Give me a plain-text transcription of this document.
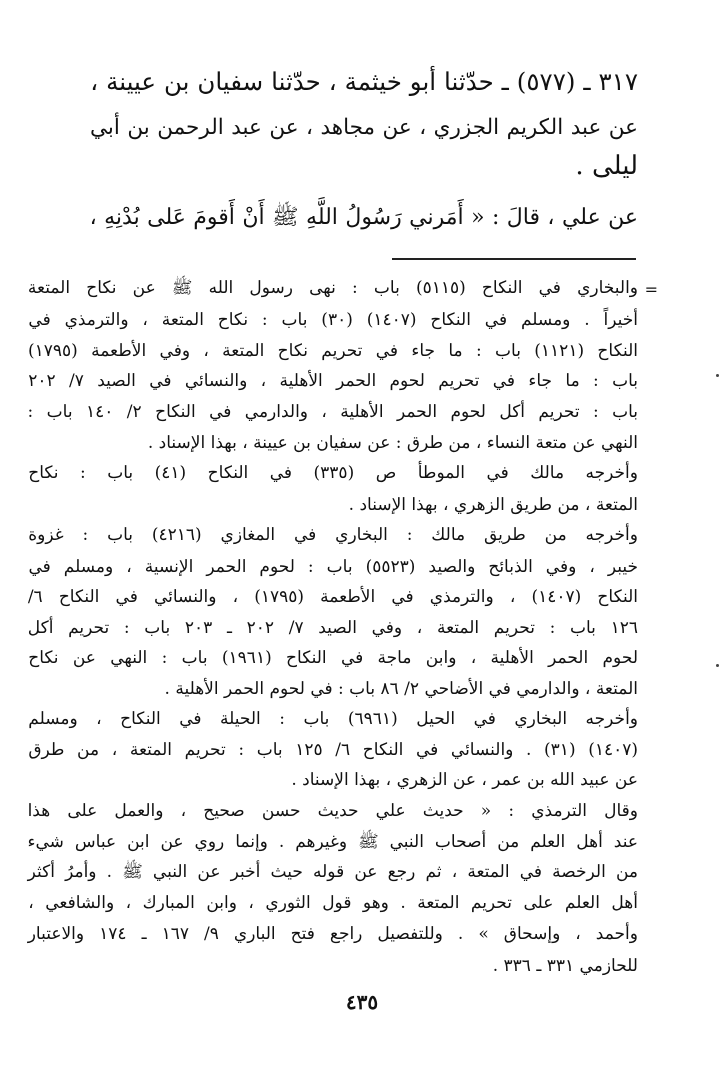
٣١٧ ـ (٥٧٧) ـ حدّثنا أبو خيثمة ، حدّثنا سفيان بن عيينة ،
عن عبد الكريم الجزري ، عن مجاهد ، عن عبد الرحمن بن أبي
ليلى .
عن علي ، قالَ : « أَمَرني رَسُولُ اللَّهِ ﷺ أَنْ أَقومَ عَلى بُدْنِهِ ،
=
والبخاري في النكاح (٥١١٥) باب : نهى رسول الله ﷺ عن نكاح المتعة
أخيراً . ومسلم في النكاح (١٤٠٧) (٣٠) باب : نكاح المتعة ، والترمذي في
النكاح (١١٢١) باب : ما جاء في تحريم نكاح المتعة ، وفي الأطعمة (١٧٩٥)
باب : ما جاء في تحريم لحوم الحمر الأهلية ، والنسائي في الصيد ٧/ ٢٠٢
باب : تحريم أكل لحوم الحمر الأهلية ، والدارمي في النكاح ٢/ ١٤٠ باب :
النهي عن متعة النساء ، من طرق : عن سفيان بن عيينة ، بهذا الإسناد .
وأخرجه مالك في الموطأ ص (٣٣٥) في النكاح (٤١) باب : نكاح
المتعة ، من طريق الزهري ، بهذا الإسناد .
وأخرجه من طريق مالك : البخاري في المغازي (٤٢١٦) باب : غزوة
خيبر ، وفي الذبائح والصيد (٥٥٢٣) باب : لحوم الحمر الإنسية ، ومسلم في
النكاح (١٤٠٧) ، والترمذي في الأطعمة (١٧٩٥) ، والنسائي في النكاح ٦/
١٢٦ باب : تحريم المتعة ، وفي الصيد ٧/ ٢٠٢ ـ ٢٠٣ باب : تحريم أكل
لحوم الحمر الأهلية ، وابن ماجة في النكاح (١٩٦١) باب : النهي عن نكاح
المتعة ، والدارمي في الأضاحي ٢/ ٨٦ باب : في لحوم الحمر الأهلية .
وأخرجه البخاري في الحيل (٦٩٦١) باب : الحيلة في النكاح ، ومسلم
(١٤٠٧) (٣١) . والنسائي في النكاح ٦/ ١٢٥ باب : تحريم المتعة ، من طرق
عن عبيد الله بن عمر ، عن الزهري ، بهذا الإسناد .
وقال الترمذي : « حديث علي حديث حسن صحيح ، والعمل على هذا
عند أهل العلم من أصحاب النبي ﷺ وغيرهم . وإنما روي عن ابن عباس شيء
من الرخصة في المتعة ، ثم رجع عن قوله حيث أخبر عن النبي ﷺ . وأمرُ أكثر
أهل العلم على تحريم المتعة . وهو قول الثوري ، وابن المبارك ، والشافعي ،
وأحمد ، وإسحاق » . وللتفصيل راجع فتح الباري ٩/ ١٦٧ ـ ١٧٤ والاعتبار
للحازمي ٣٣١ ـ ٣٣٦ .
٤٣٥
